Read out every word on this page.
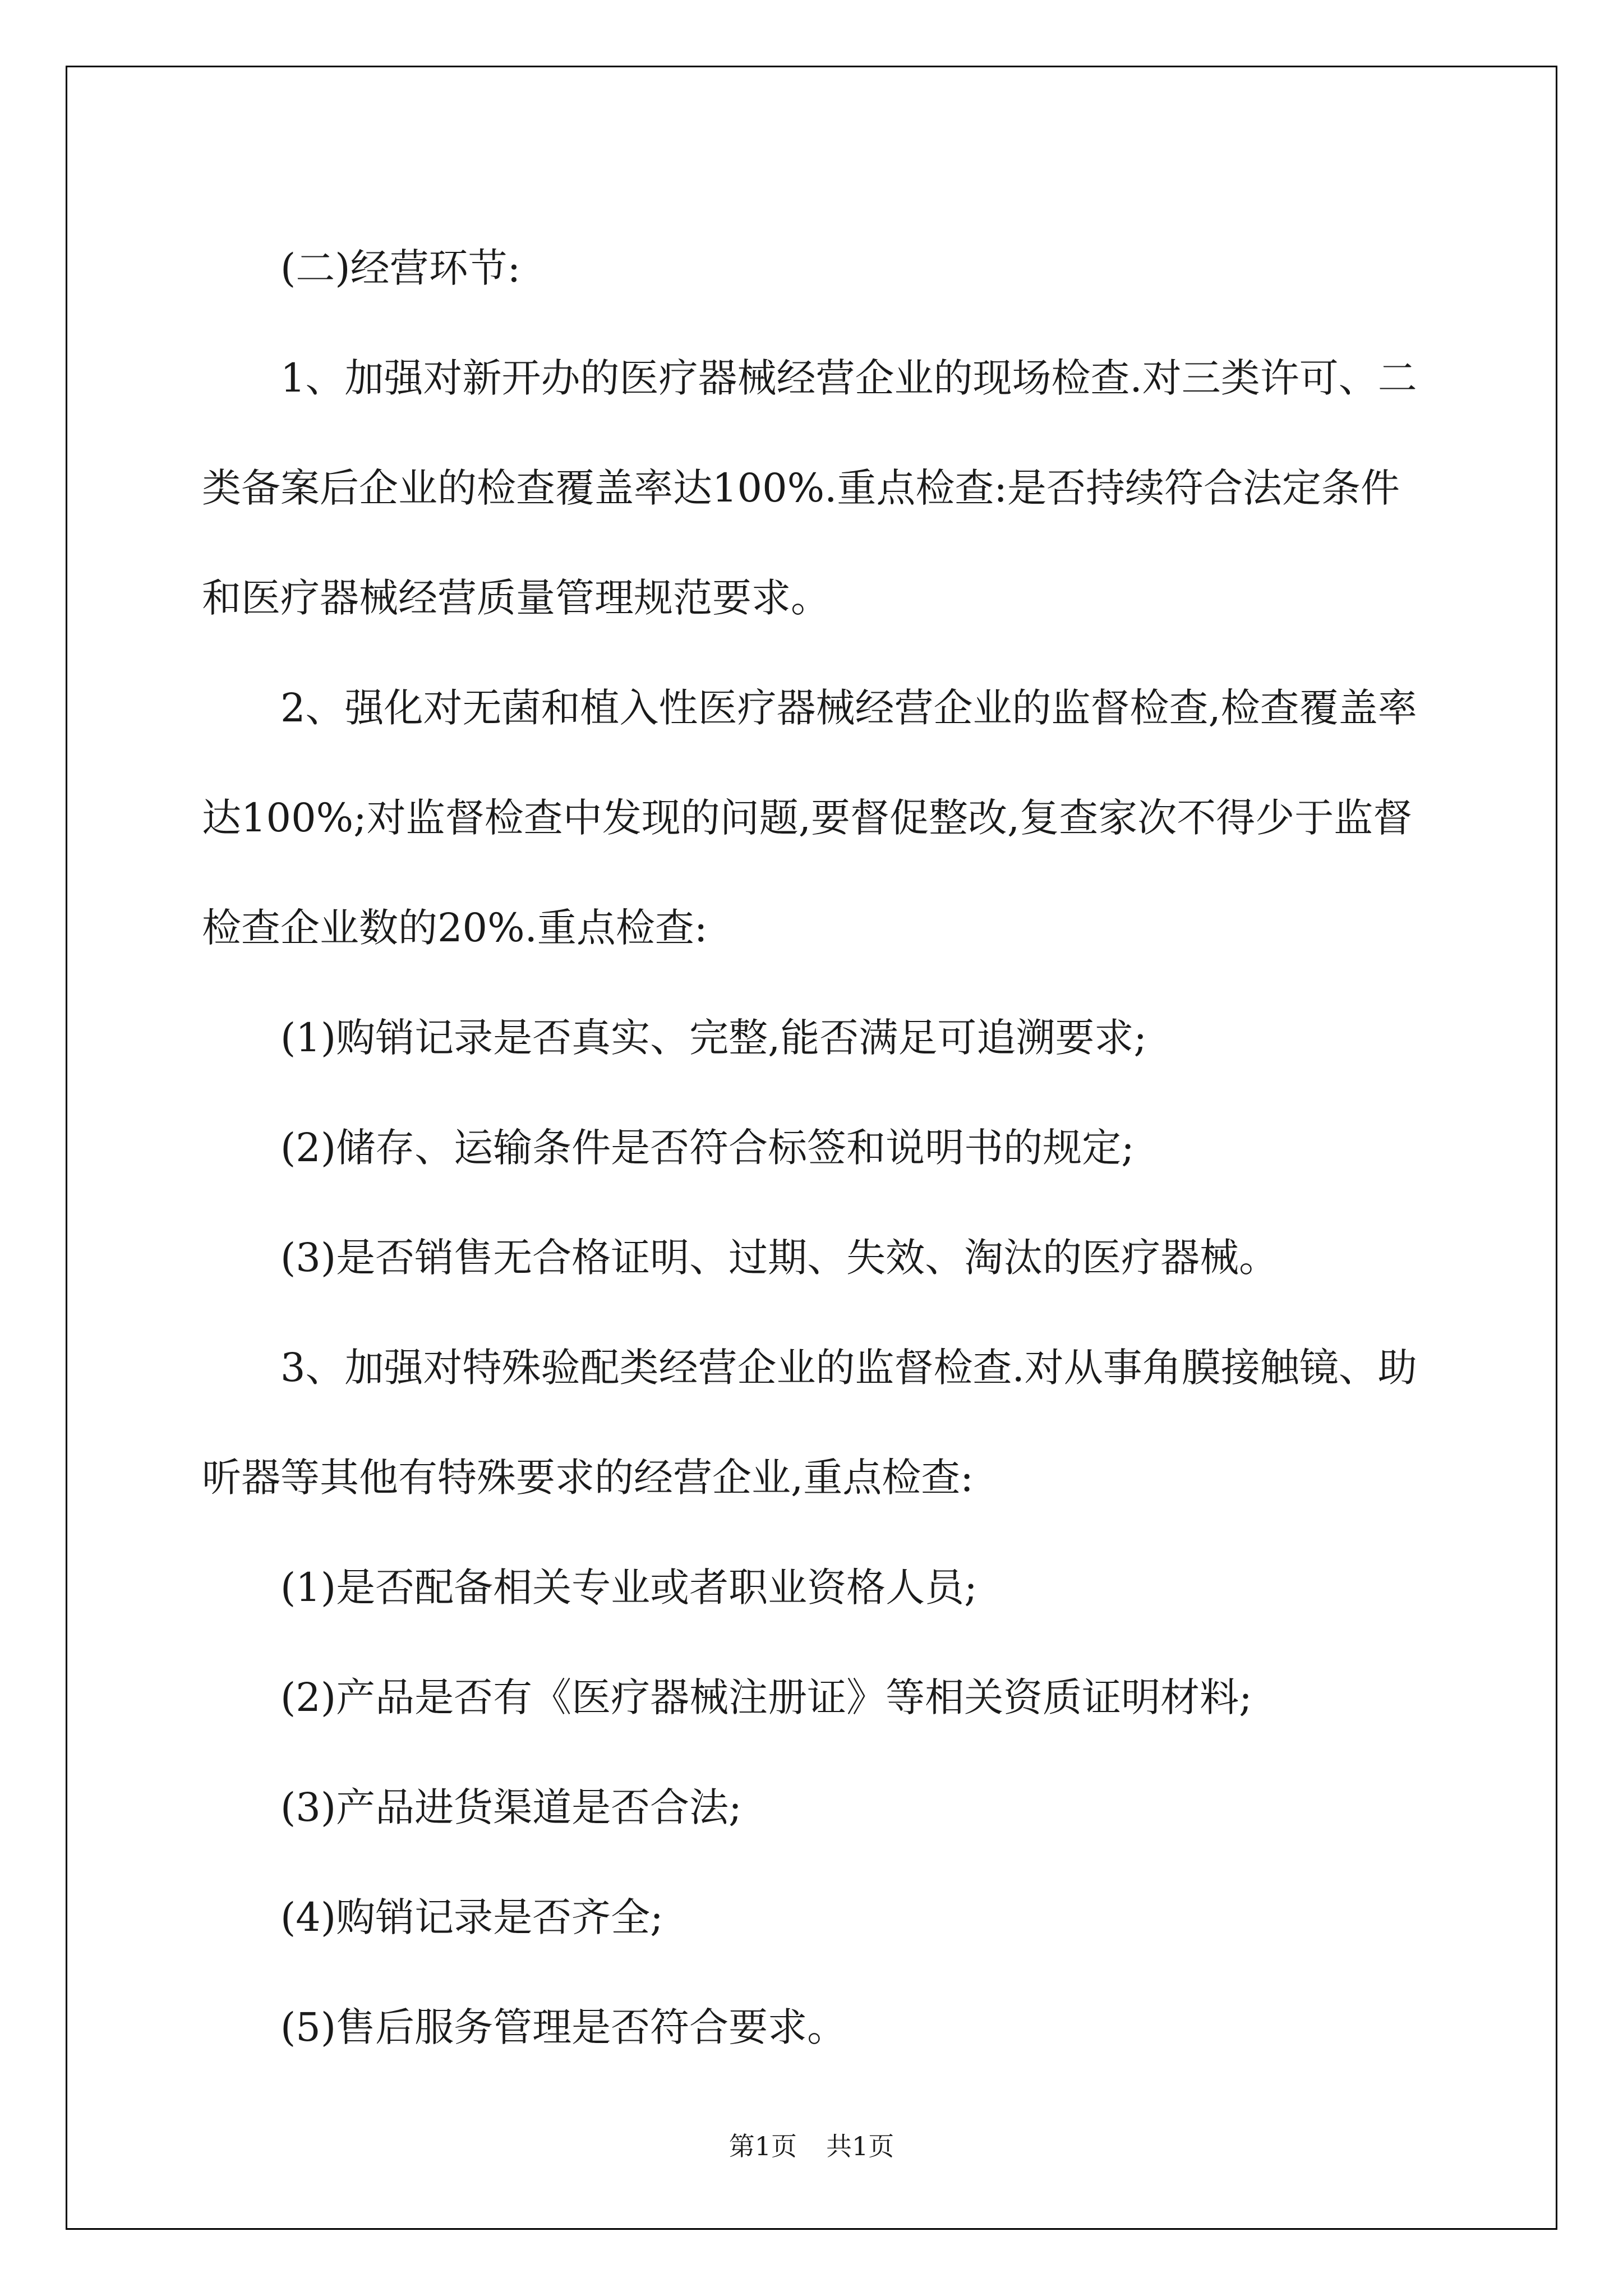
(二)经营环节:

1、加强对新开办的医疗器械经营企业的现场检查.对三类许可、二类备案后企业的检查覆盖率达100%.重点检查:是否持续符合法定条件和医疗器械经营质量管理规范要求。

2、强化对无菌和植入性医疗器械经营企业的监督检查,检查覆盖率达100%;对监督检查中发现的问题,要督促整改,复查家次不得少于监督检查企业数的20%.重点检查:

(1)购销记录是否真实、完整,能否满足可追溯要求;

(2)储存、运输条件是否符合标签和说明书的规定;

(3)是否销售无合格证明、过期、失效、淘汰的医疗器械。

3、加强对特殊验配类经营企业的监督检查.对从事角膜接触镜、助听器等其他有特殊要求的经营企业,重点检查:

(1)是否配备相关专业或者职业资格人员;

(2)产品是否有《医疗器械注册证》等相关资质证明材料;

(3)产品进货渠道是否合法;

(4)购销记录是否齐全;

(5)售后服务管理是否符合要求。

第1页 共1页
